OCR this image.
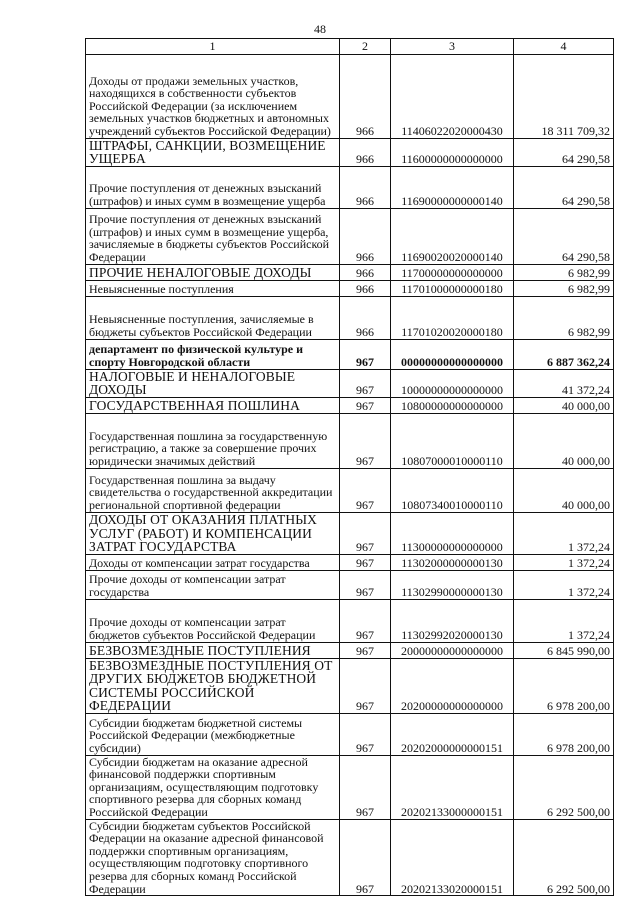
48
1	2	3	4
Доходы от продажи земельных участков, находящихся в собственности субъектов Российской Федерации (за исключением земельных участков бюджетных и автономных учреждений субъектов Российской Федерации)	966	11406022020000430	18 311 709,32
ШТРАФЫ, САНКЦИИ, ВОЗМЕЩЕНИЕ УЩЕРБА	966	11600000000000000	64 290,58
Прочие поступления от денежных взысканий (штрафов) и иных сумм в возмещение ущерба	966	11690000000000140	64 290,58
Прочие поступления от денежных взысканий (штрафов) и иных сумм в возмещение ущерба, зачисляемые в бюджеты субъектов Российской Федерации	966	11690020020000140	64 290,58
ПРОЧИЕ НЕНАЛОГОВЫЕ ДОХОДЫ	966	11700000000000000	6 982,99
Невыясненные поступления	966	11701000000000180	6 982,99
Невыясненные поступления, зачисляемые в бюджеты субъектов Российской Федерации	966	11701020020000180	6 982,99
департамент по физической культуре и спорту Новгородской области	967	00000000000000000	6 887 362,24
НАЛОГОВЫЕ И НЕНАЛОГОВЫЕ ДОХОДЫ	967	10000000000000000	41 372,24
ГОСУДАРСТВЕННАЯ ПОШЛИНА	967	10800000000000000	40 000,00
Государственная пошлина за государственную регистрацию, а также за совершение прочих юридически значимых действий	967	10807000010000110	40 000,00
Государственная пошлина за выдачу свидетельства о государственной аккредитации региональной спортивной федерации	967	10807340010000110	40 000,00
ДОХОДЫ ОТ ОКАЗАНИЯ ПЛАТНЫХ УСЛУГ (РАБОТ) И КОМПЕНСАЦИИ ЗАТРАТ ГОСУДАРСТВА	967	11300000000000000	1 372,24
Доходы от компенсации затрат государства	967	11302000000000130	1 372,24
Прочие доходы от компенсации затрат государства	967	11302990000000130	1 372,24
Прочие доходы от компенсации затрат бюджетов субъектов Российской Федерации	967	11302992020000130	1 372,24
БЕЗВОЗМЕЗДНЫЕ ПОСТУПЛЕНИЯ	967	20000000000000000	6 845 990,00
БЕЗВОЗМЕЗДНЫЕ ПОСТУПЛЕНИЯ ОТ ДРУГИХ БЮДЖЕТОВ БЮДЖЕТНОЙ СИСТЕМЫ РОССИЙСКОЙ ФЕДЕРАЦИИ	967	20200000000000000	6 978 200,00
Субсидии бюджетам бюджетной системы Российской Федерации (межбюджетные субсидии)	967	20202000000000151	6 978 200,00
Субсидии бюджетам на оказание адресной финансовой поддержки спортивным организациям, осуществляющим подготовку спортивного резерва для сборных команд Российской Федерации	967	20202133000000151	6 292 500,00
Субсидии бюджетам субъектов Российской Федерации на оказание адресной финансовой поддержки спортивным организациям, осуществляющим подготовку спортивного резерва для сборных команд Российской Федерации	967	20202133020000151	6 292 500,00
